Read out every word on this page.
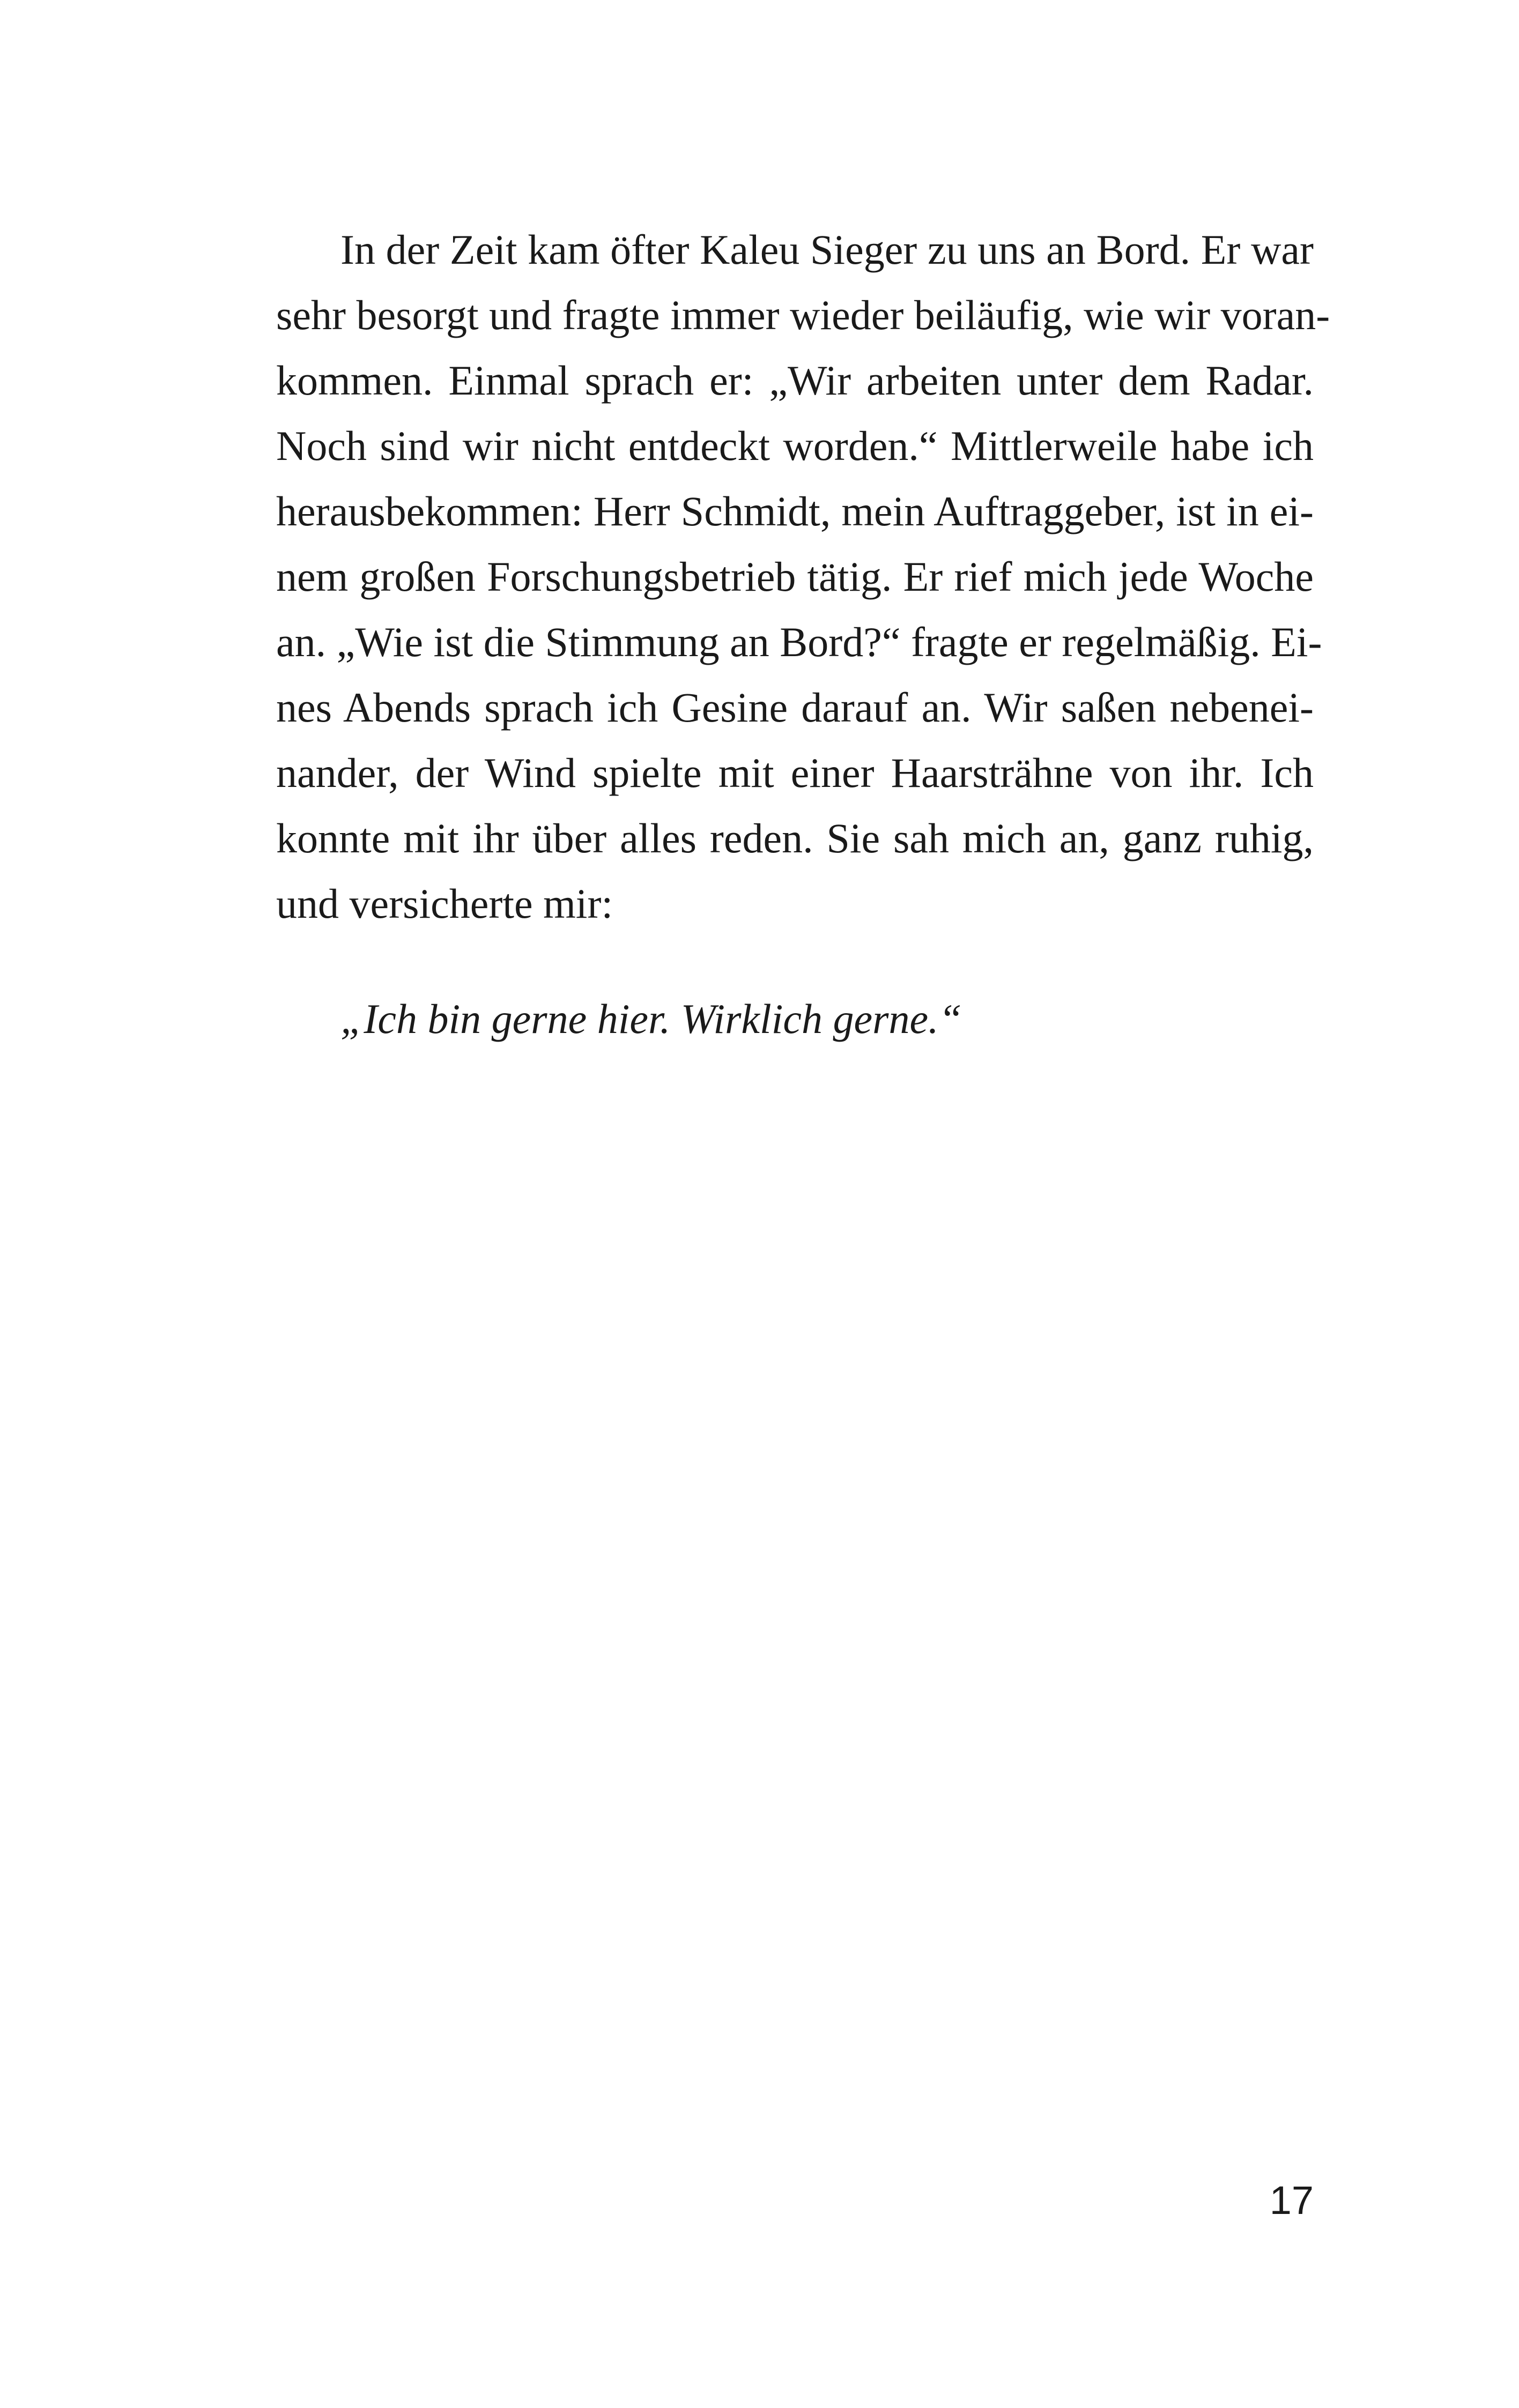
In der Zeit kam öfter Kaleu Sieger zu uns an Bord. Er war
sehr besorgt und fragte immer wieder beiläufig, wie wir voran-
kommen. Einmal sprach er: „Wir arbeiten unter dem Radar.
Noch sind wir nicht entdeckt worden.“ Mittlerweile habe ich
herausbekommen: Herr Schmidt, mein Auftraggeber, ist in ei-
nem großen Forschungsbetrieb tätig. Er rief mich jede Woche
an. „Wie ist die Stimmung an Bord?“ fragte er regelmäßig. Ei-
nes Abends sprach ich Gesine darauf an. Wir saßen nebenei-
nander, der Wind spielte mit einer Haarsträhne von ihr. Ich
konnte mit ihr über alles reden. Sie sah mich an, ganz ruhig,
und versicherte mir:
„Ich bin gerne hier. Wirklich gerne.“
17
